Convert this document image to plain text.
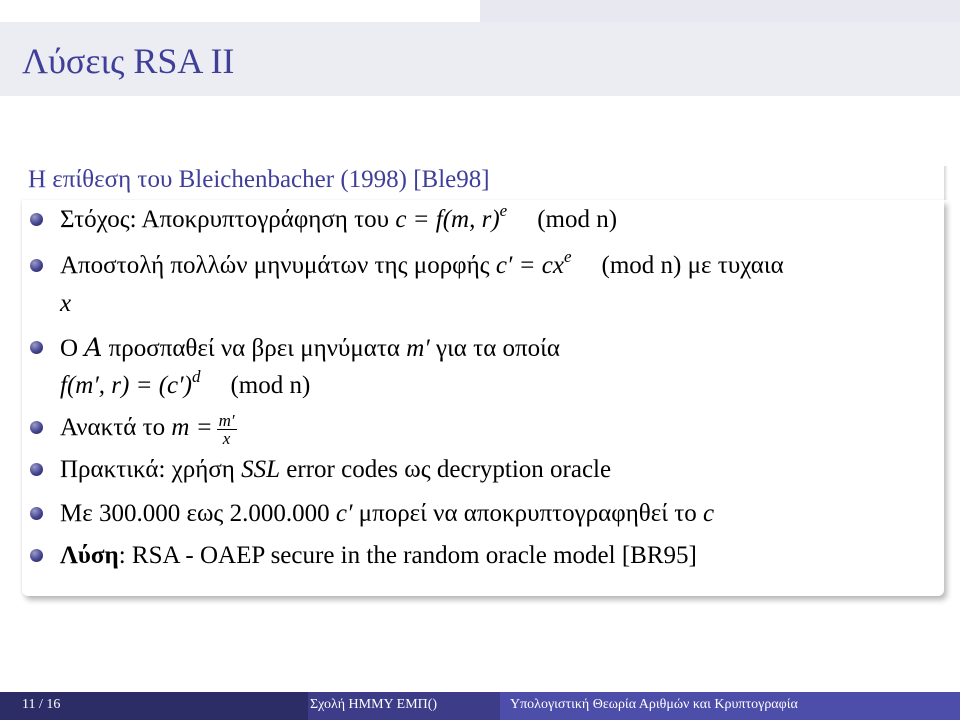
Λύσεις RSA II
Η επίθεση του Bleichenbacher (1998) [Ble98]
Στόχος: Αποκρυπτογράφηση του c = f(m, r)$^e$ (mod n)
Αποστολή πολλών μηνυμάτων της μορφής $c' = cx^e$ (mod n) με τυχαια
x
Ο A προσπαθεί να βρει μηνύματα m′ για τα οποία
f(m′, $r) = (c')^d$ (mod n)
Ανακτά το $m = \frac{m'}{x}$
Πρακτικά: χρήση SSL error codes ως decryption oracle
Με 300.000 εως 2.000.000 c′ μπορεί να αποκρυπτογραφηθεί το c
Λύση: RSA - OAEP secure in the random oracle model [BR95]
11 / 16	Σχολή ΗΜΜΥ ΕΜΠ()	Υπολογιστική Θεωρία Αριθμών και Κρυπτογραφία
